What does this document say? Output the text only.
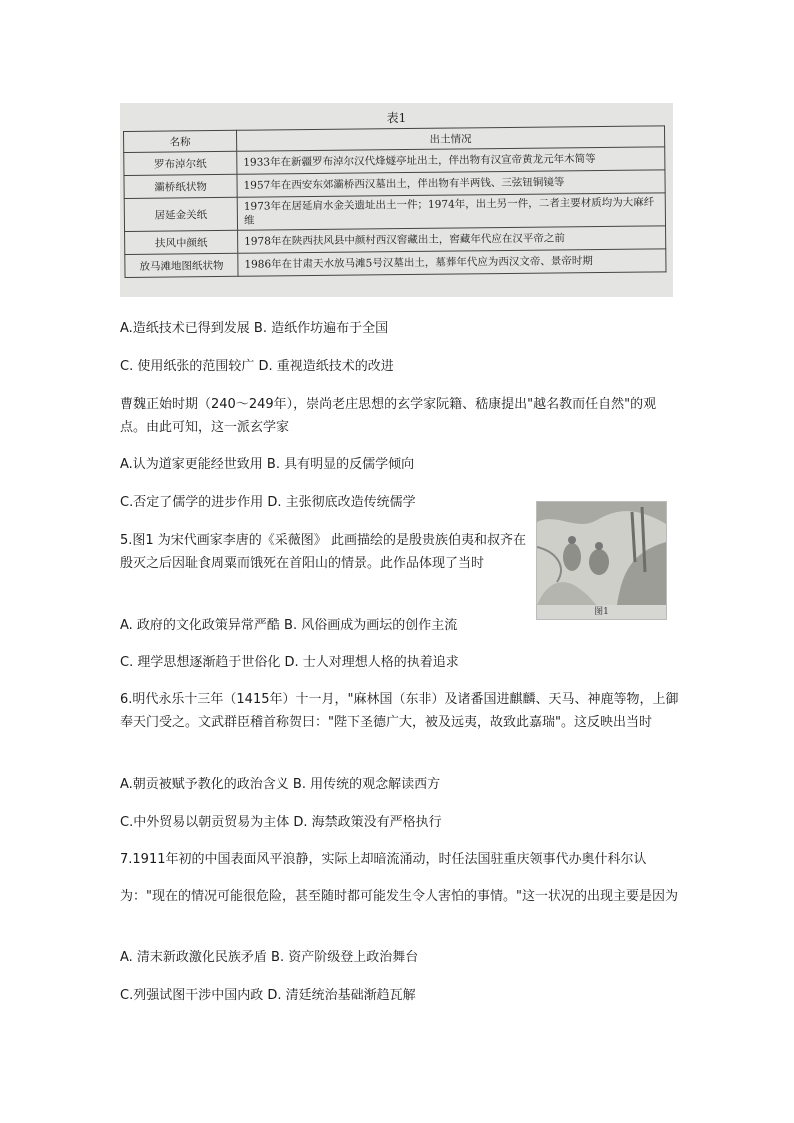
表1
名称	出土情况
罗布淖尔纸	1933年在新疆罗布淖尔汉代烽燧亭址出土，伴出物有汉宣帝黄龙元年木简等
灞桥纸状物	1957年在西安东郊灞桥西汉墓出土，伴出物有半两钱、三弦钮铜镜等
居延金关纸	1973年在居延肩水金关遗址出土一件；1974年，出土另一件，二者主要材质均为大麻纤维
扶风中颜纸	1978年在陕西扶风县中颜村西汉窖藏出土，窖藏年代应在汉平帝之前
放马滩地图纸状物	1986年在甘肃天水放马滩5号汉墓出土，墓葬年代应为西汉文帝、景帝时期

A.造纸技术已得到发展 B. 造纸作坊遍布于全国

C. 使用纸张的范围较广 D. 重视造纸技术的改进

曹魏正始时期（240～249年），崇尚老庄思想的玄学家阮籍、嵇康提出"越名教而任自然"的观点。由此可知，这一派玄学家

A.认为道家更能经世致用 B. 具有明显的反儒学倾向

C.否定了儒学的进步作用 D. 主张彻底改造传统儒学

图1

5.图1 为宋代画家李唐的《采薇图》 此画描绘的是殷贵族伯夷和叔齐在殷灭之后因耻食周粟而饿死在首阳山的情景。此作品体现了当时

A. 政府的文化政策异常严酷 B. 风俗画成为画坛的创作主流

C. 理学思想逐渐趋于世俗化 D. 士人对理想人格的执着追求

6.明代永乐十三年（1415年）十一月，"麻林国（东非）及诸番国进麒麟、天马、神鹿等物，上御奉天门受之。文武群臣稽首称贺曰："陛下圣德广大，被及远夷，故致此嘉瑞"。这反映出当时

A.朝贡被赋予教化的政治含义 B. 用传统的观念解读西方

C.中外贸易以朝贡贸易为主体 D. 海禁政策没有严格执行

7.1911年初的中国表面风平浪静，实际上却暗流涌动，时任法国驻重庆领事代办奥什科尔认

为："现在的情况可能很危险，甚至随时都可能发生令人害怕的事情。"这一状况的出现主要是因为

A. 清末新政激化民族矛盾 B. 资产阶级登上政治舞台

C.列强试图干涉中国内政 D. 清廷统治基础渐趋瓦解
